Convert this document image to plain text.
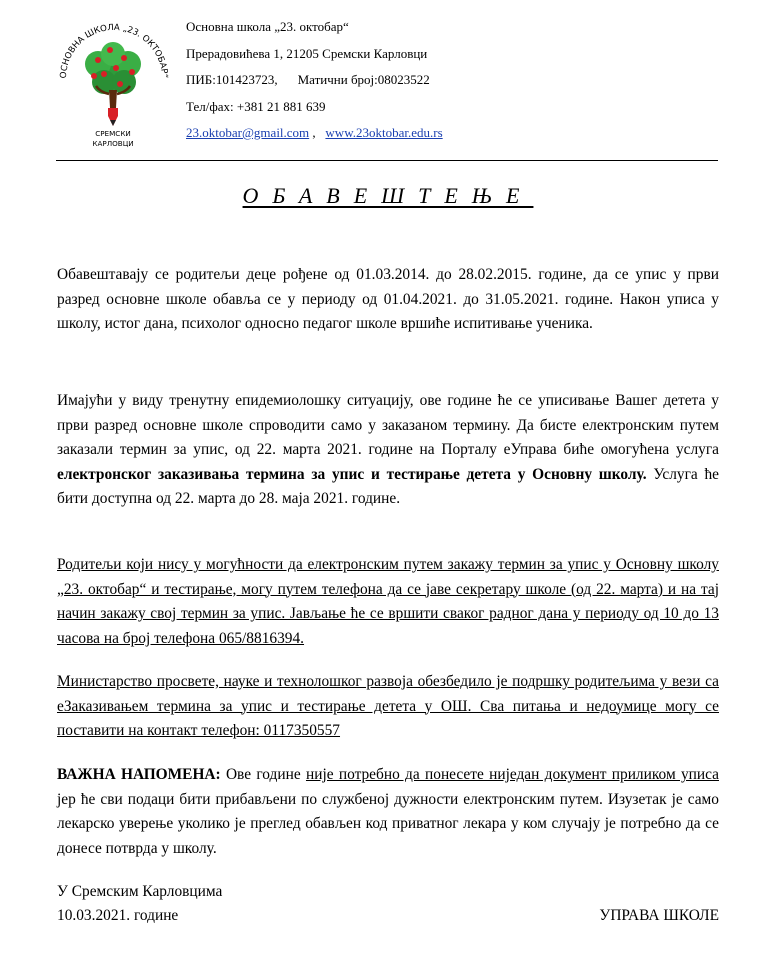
ОСНОВНА ШКОЛА „23. ОКТОБАР“
СРЕМСКИ
КАРЛОВЦИ
Основна школа „23. октобар“
Прерадовићева 1, 21205 Сремски Карловци
ПИБ:101423723, Матични број:08023522
Тел/фах: +381 21 881 639
23.oktobar@gmail.com , www.23oktobar.edu.rs
ОБАВЕШТЕЊЕ

Обавештавају се родитељи деце рођене од 01.03.2014. до 28.02.2015. године, да се упис у први разред основне школе обавља се у периоду од 01.04.2021. до 31.05.2021. године. Након уписа у школу, истог дана, психолог односно педагог школе вршиће испитивање ученика.

Имајући у виду тренутну епидемиолошку ситуацију, ове године ће се уписивање Вашег детета у први разред основне школе спроводити само у заказаном термину. Да бисте електронским путем заказали термин за упис, од 22. марта 2021. године на Порталу еУправа биће омогућена услуга електронског заказивања термина за упис и тестирање детета у Основну школу. Услуга ће бити доступна од 22. марта до 28. маја 2021. године.

Родитељи који нису у могућности да електронским путем закажу термин за упис у Основну школу „23. октобар“ и тестирање, могу путем телефона да се јаве секретару школе (од 22. марта) и на тај начин закажу свој термин за упис. Јављање ће се вршити сваког радног дана у периоду од 10 до 13 часова на број телефона 065/8816394.

Министарство просвете, науке и технолошког развоја обезбедило је подршку родитељима у вези са еЗаказивањем термина за упис и тестирање детета у ОШ. Сва питања и недоумице могу се поставити на контакт телефон: 0117350557

ВАЖНА НАПОМЕНА: Ове године није потребно да понесете ниједан документ приликом уписа јер ће сви подаци бити прибављени по службеној дужности електронским путем. Изузетак је само лекарско уверење уколико је преглед обављен код приватног лекара у ком случају је потребно да се донесе потврда у школу.

У Сремским Карловцима
10.03.2021. године	УПРАВА ШКОЛЕ
